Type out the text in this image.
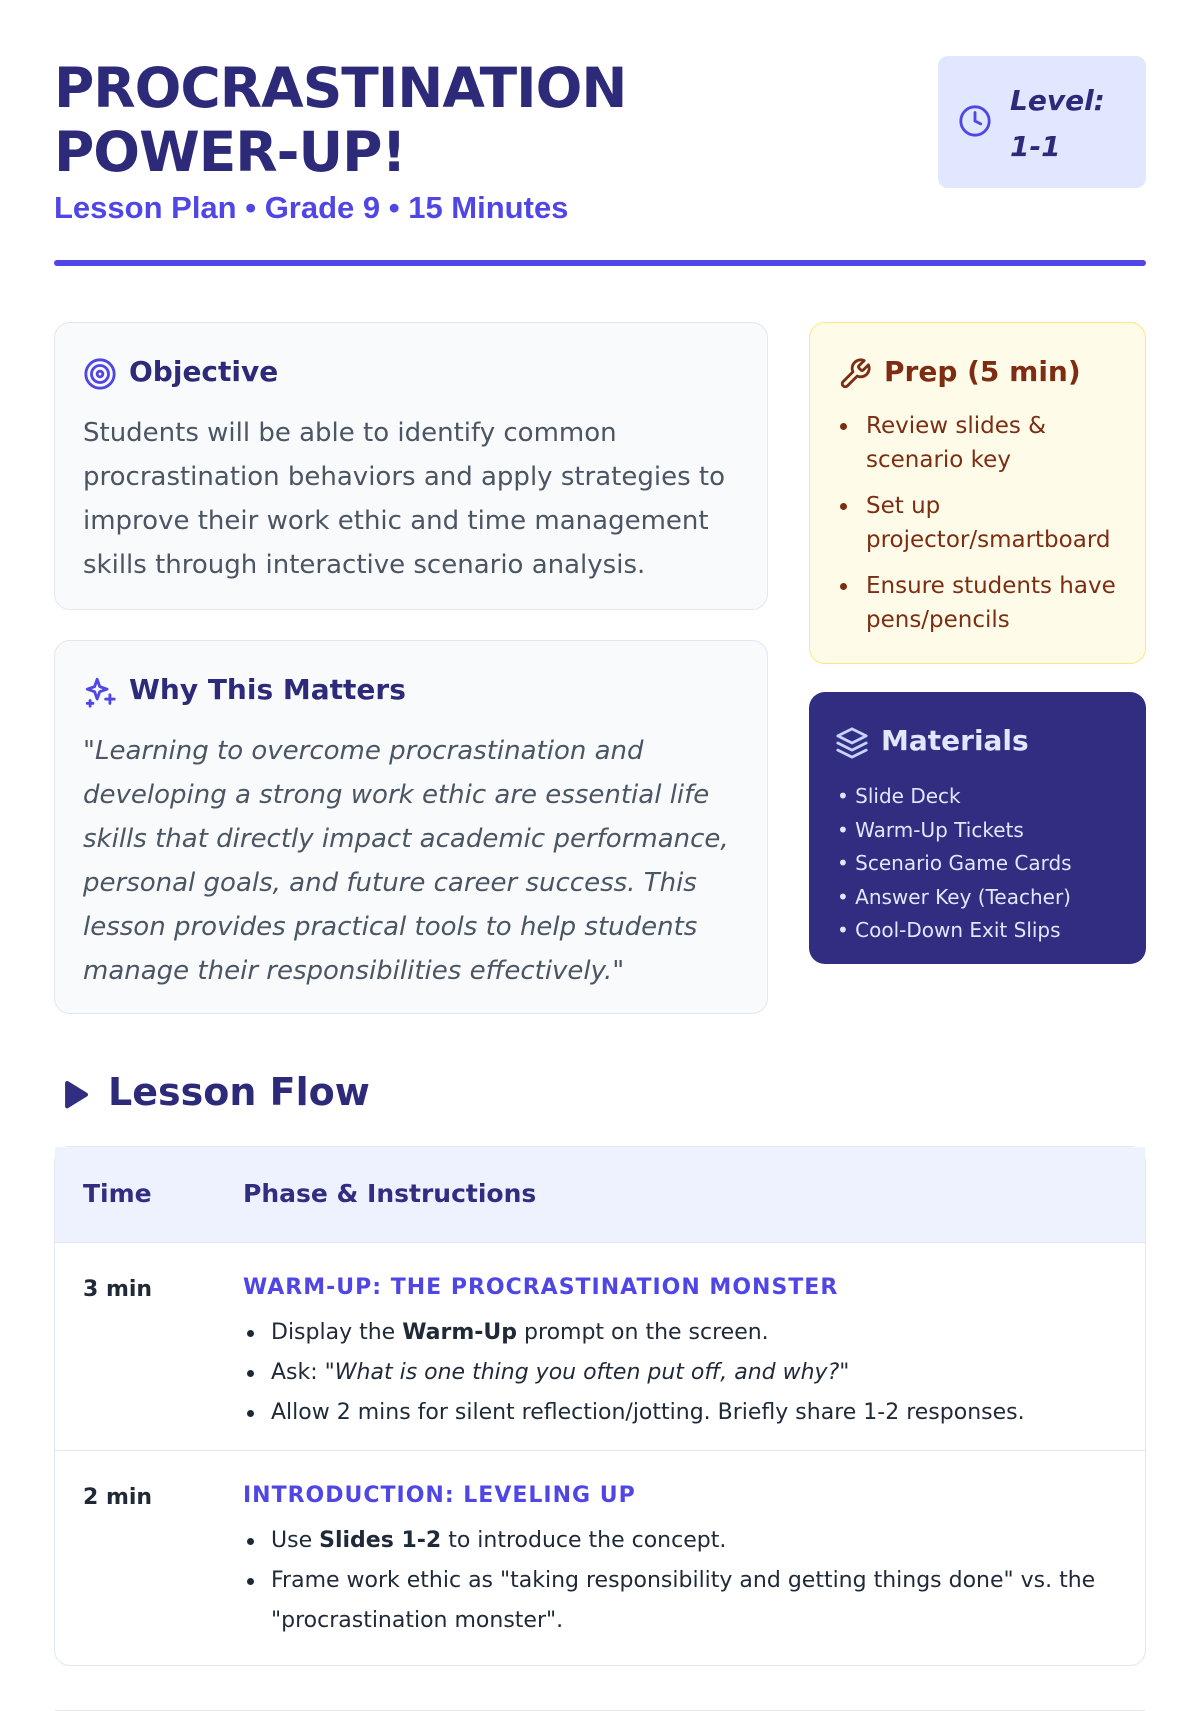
PROCRASTINATION
POWER-UP!
Lesson Plan • Grade 9 • 15 Minutes
Level:
1-1
Objective

Students will be able to identify common procrastination behaviors and apply strategies to improve their work ethic and time management skills through interactive scenario analysis.

Why This Matters

"Learning to overcome procrastination and developing a strong work ethic are essential life skills that directly impact academic performance, personal goals, and future career success. This lesson provides practical tools to help students manage their responsibilities effectively."

Prep (5 min)
Review slides & scenario key
Set up projector/smartboard
Ensure students have pens/pencils
Materials
• Slide Deck
• Warm-Up Tickets
• Scenario Game Cards
• Answer Key (Teacher)
• Cool-Down Exit Slips
Lesson Flow
Time	Phase & Instructions
3 min	WARM-UP: THE PROCRASTINATION MONSTER
Display the Warm-Up prompt on the screen.
Ask: "What is one thing you often put off, and why?"
Allow 2 mins for silent reflection/jotting. Briefly share 1-2 responses.
2 min	INTRODUCTION: LEVELING UP
Use Slides 1-2 to introduce the concept.
Frame work ethic as "taking responsibility and getting things done" vs. the
"procrastination monster".
